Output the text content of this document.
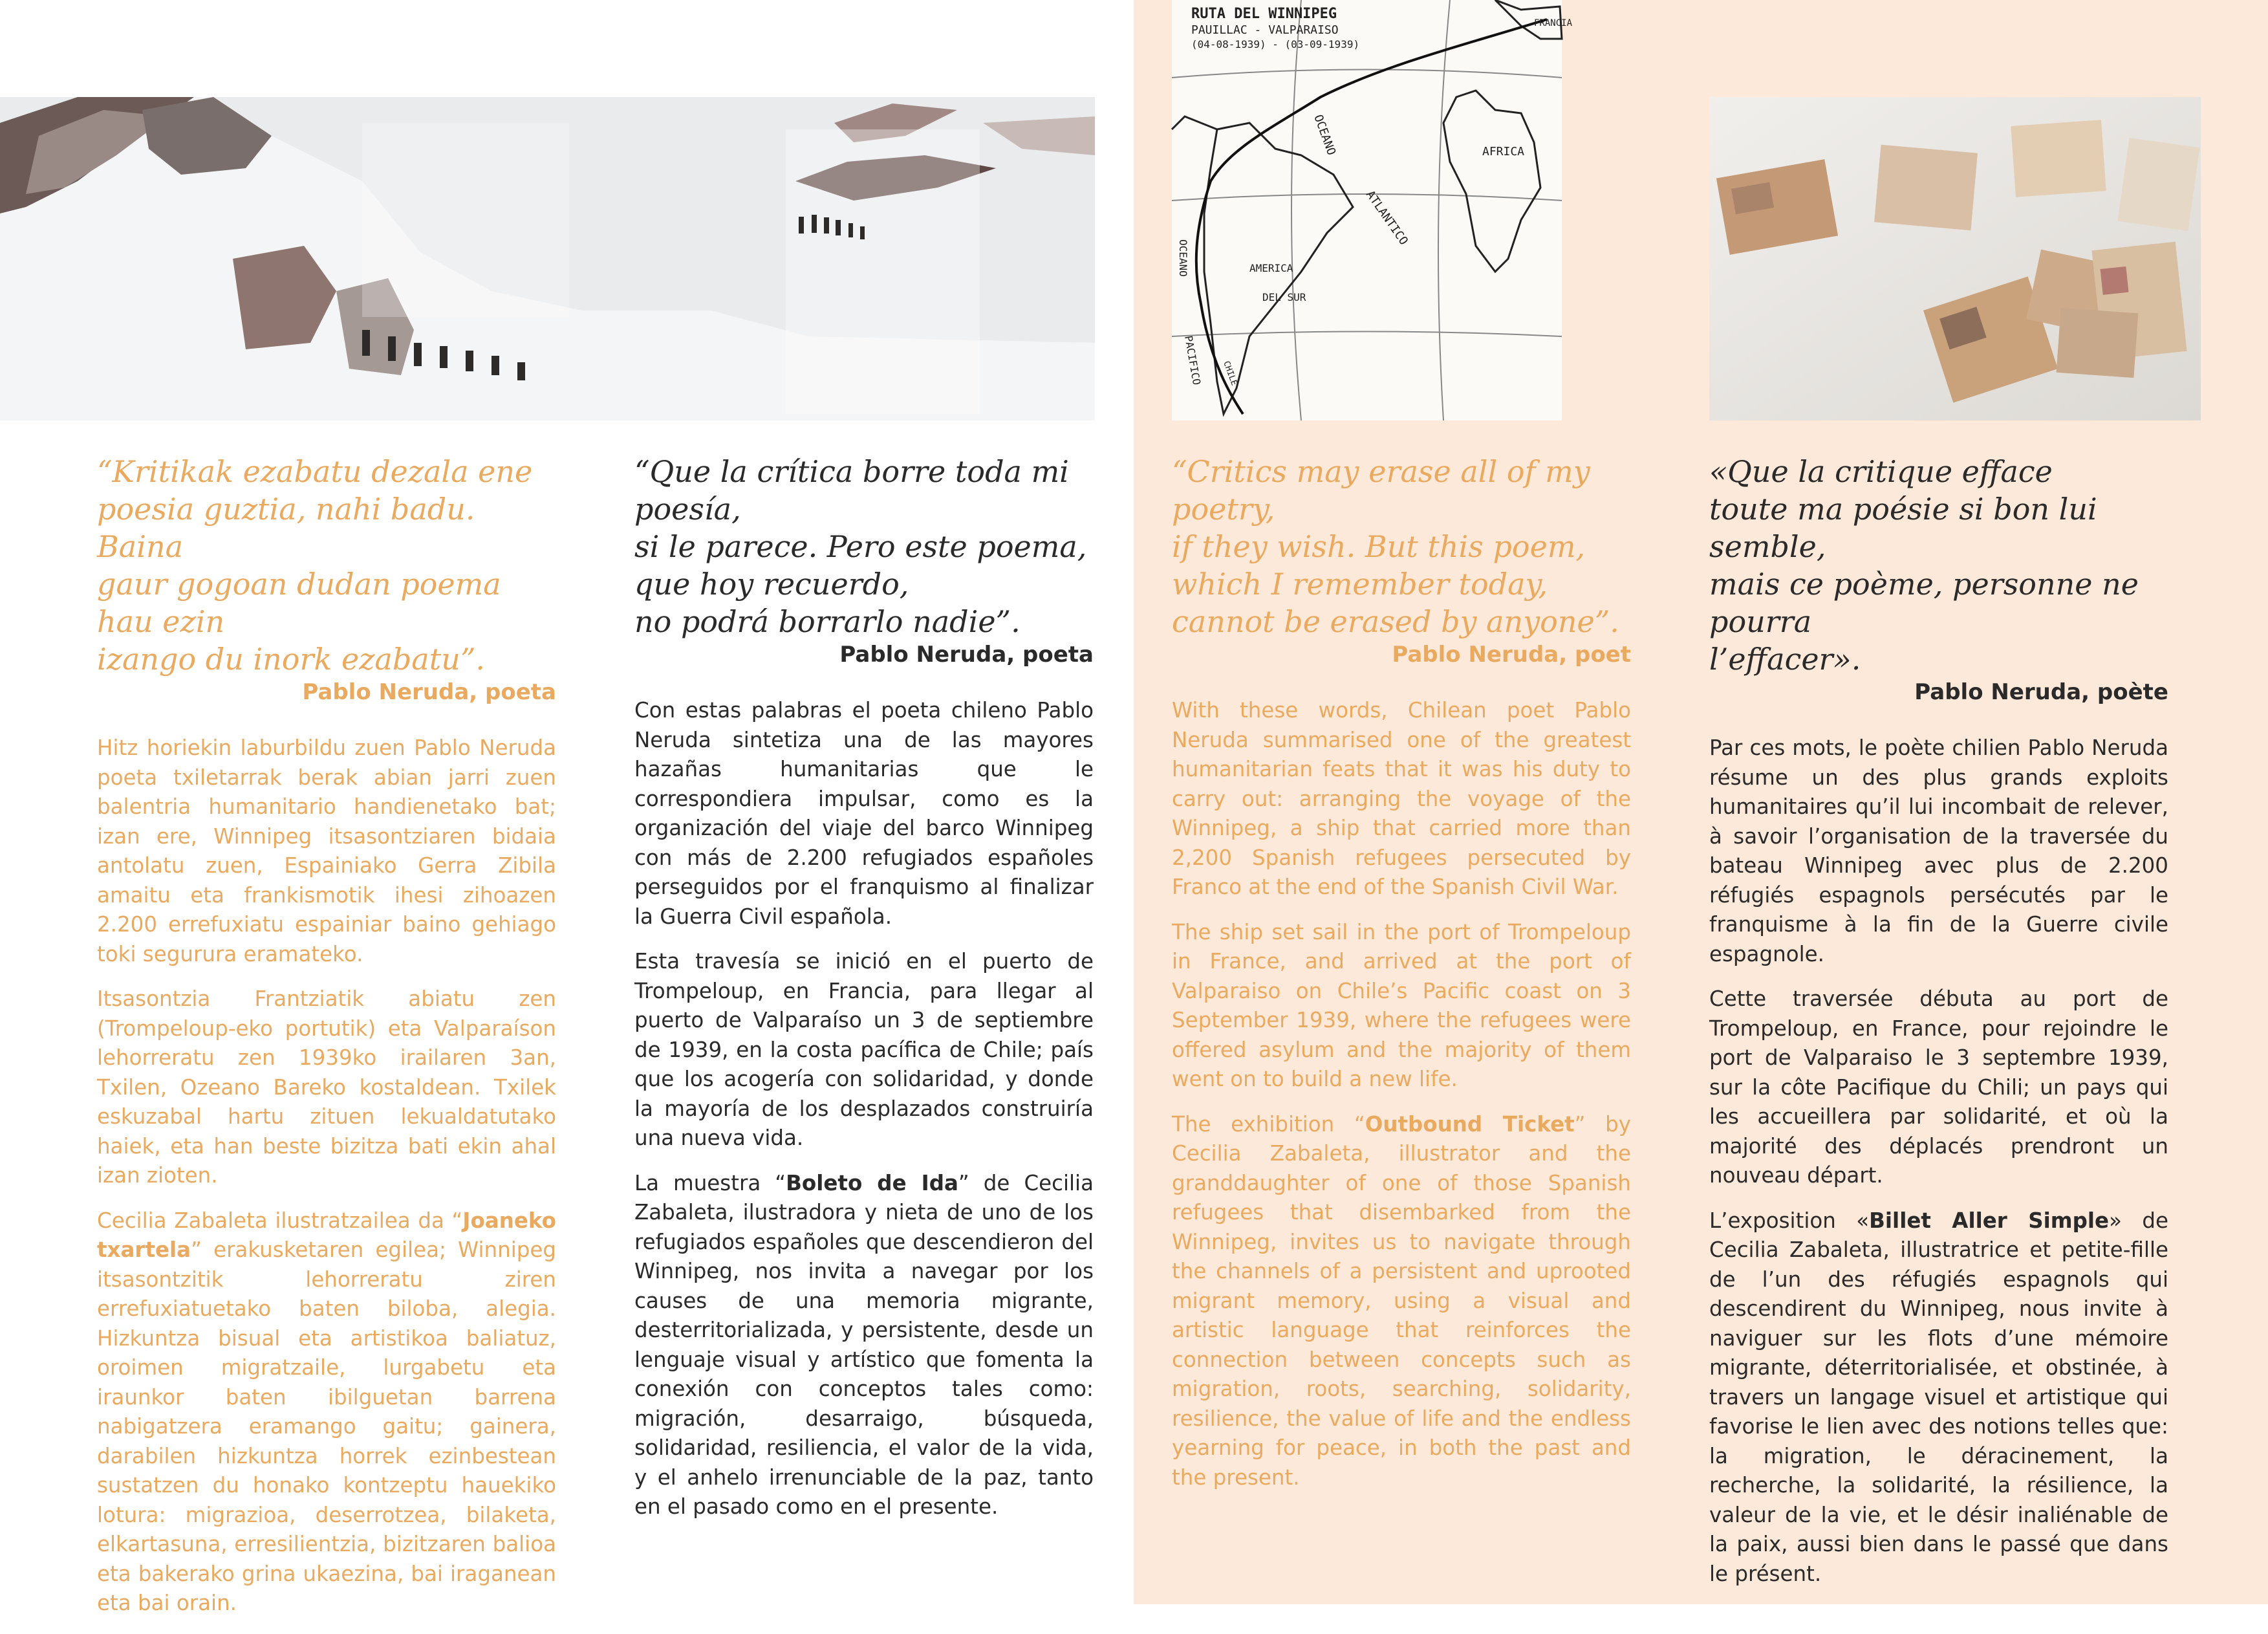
RUTA DEL WINNIPEG
PAUILLAC - VALPARAISO
(04-08-1939) - (03-09-1939)
FRANCIA
AFRICA
AMERICA
DEL SUR
OCEANO
ATLANTICO
OCEANO
PACIFICO CHILE

“Kritikak ezabatu dezala ene
poesia guztia, nahi badu. Baina
gaur gogoan dudan poema hau ezin
izango du inork ezabatu”.

Pablo Neruda, poeta

Hitz horiekin laburbildu zuen Pablo Neruda poeta txiletarrak berak abian jarri zuen balentria humanitario handienetako bat; izan ere, Winnipeg itsasontziaren bidaia antolatu zuen, Espainiako Gerra Zibila amaitu eta frankismotik ihesi zihoazen 2.200 errefuxiatu espainiar baino gehiago toki segurura eramateko.

Itsasontzia Frantziatik abiatu zen (Trompeloup-eko portutik) eta Valparaíson lehorreratu zen 1939ko irailaren 3an, Txilen, Ozeano Bareko kostaldean. Txilek eskuzabal hartu zituen lekualdatutako haiek, eta han beste bizitza bati ekin ahal izan zioten.

Cecilia Zabaleta ilustratzailea da “Joaneko txartela” erakusketaren egilea; Winnipeg itsasontzitik lehorreratu ziren errefuxiatuetako baten biloba, alegia. Hizkuntza bisual eta artistikoa baliatuz, oroimen migratzaile, lurgabetu eta iraunkor baten ibilguetan barrena nabigatzera eramango gaitu; gainera, darabilen hizkuntza horrek ezinbestean sustatzen du honako kontzeptu hauekiko lotura: migrazioa, deserrotzea, bilaketa, elkartasuna, erresilientzia, bizitzaren balioa eta bakerako grina ukaezina, bai iraganean eta bai orain.

“Que la crítica borre toda mi poesía,
si le parece. Pero este poema,
que hoy recuerdo,
no podrá borrarlo nadie”.

Pablo Neruda, poeta

Con estas palabras el poeta chileno Pablo Neruda sintetiza una de las mayores hazañas humanitarias que le correspondiera impulsar, como es la organización del viaje del barco Winnipeg con más de 2.200 refugiados españoles perseguidos por el franquismo al finalizar la Guerra Civil española.

Esta travesía se inició en el puerto de Trompeloup, en Francia, para llegar al puerto de Valparaíso un 3 de septiembre de 1939, en la costa pacífica de Chile; país que los acogería con solidaridad, y donde la mayoría de los desplazados construiría una nueva vida.

La muestra “Boleto de Ida” de Cecilia Zabaleta, ilustradora y nieta de uno de los refugiados españoles que descendieron del Winnipeg, nos invita a navegar por los causes de una memoria migrante, desterritorializada, y persistente, desde un lenguaje visual y artístico que fomenta la conexión con conceptos tales como: migración, desarraigo, búsqueda, solidaridad, resiliencia, el valor de la vida, y el anhelo irrenunciable de la paz, tanto en el pasado como en el presente.

“Critics may erase all of my poetry,
if they wish. But this poem,
which I remember today,
cannot be erased by anyone”.

Pablo Neruda, poet

With these words, Chilean poet Pablo Neruda summarised one of the greatest humanitarian feats that it was his duty to carry out: arranging the voyage of the Winnipeg, a ship that carried more than 2,200 Spanish refugees persecuted by Franco at the end of the Spanish Civil War.

The ship set sail in the port of Trompeloup in France, and arrived at the port of Valparaiso on Chile’s Pacific coast on 3 September 1939, where the refugees were offered asylum and the majority of them went on to build a new life.

The exhibition “Outbound Ticket” by Cecilia Zabaleta, illustrator and the granddaughter of one of those Spanish refugees that disembarked from the Winnipeg, invites us to navigate through the channels of a persistent and uprooted migrant memory, using a visual and artistic language that reinforces the connection between concepts such as migration, roots, searching, solidarity, resilience, the value of life and the endless yearning for peace, in both the past and the present.

«Que la critique efface
toute ma poésie si bon lui semble,
mais ce poème, personne ne pourra
l’effacer».

Pablo Neruda, poète

Par ces mots, le poète chilien Pablo Neruda résume un des plus grands exploits humanitaires qu’il lui incombait de relever, à savoir l’organisation de la traversée du bateau Winnipeg avec plus de 2.200 réfugiés espagnols persécutés par le franquisme à la fin de la Guerre civile espagnole.

Cette traversée débuta au port de Trompeloup, en France, pour rejoindre le port de Valparaiso le 3 septembre 1939, sur la côte Pacifique du Chili; un pays qui les accueillera par solidarité, et où la majorité des déplacés prendront un nouveau départ.

L’exposition «Billet Aller Simple» de Cecilia Zabaleta, illustratrice et petite-fille de l’un des réfugiés espagnols qui descendirent du Winnipeg, nous invite à naviguer sur les flots d’une mémoire migrante, déterritorialisée, et obstinée, à travers un langage visuel et artistique qui favorise le lien avec des notions telles que: la migration, le déracinement, la recherche, la solidarité, la résilience, la valeur de la vie, et le désir inaliénable de la paix, aussi bien dans le passé que dans le présent.
